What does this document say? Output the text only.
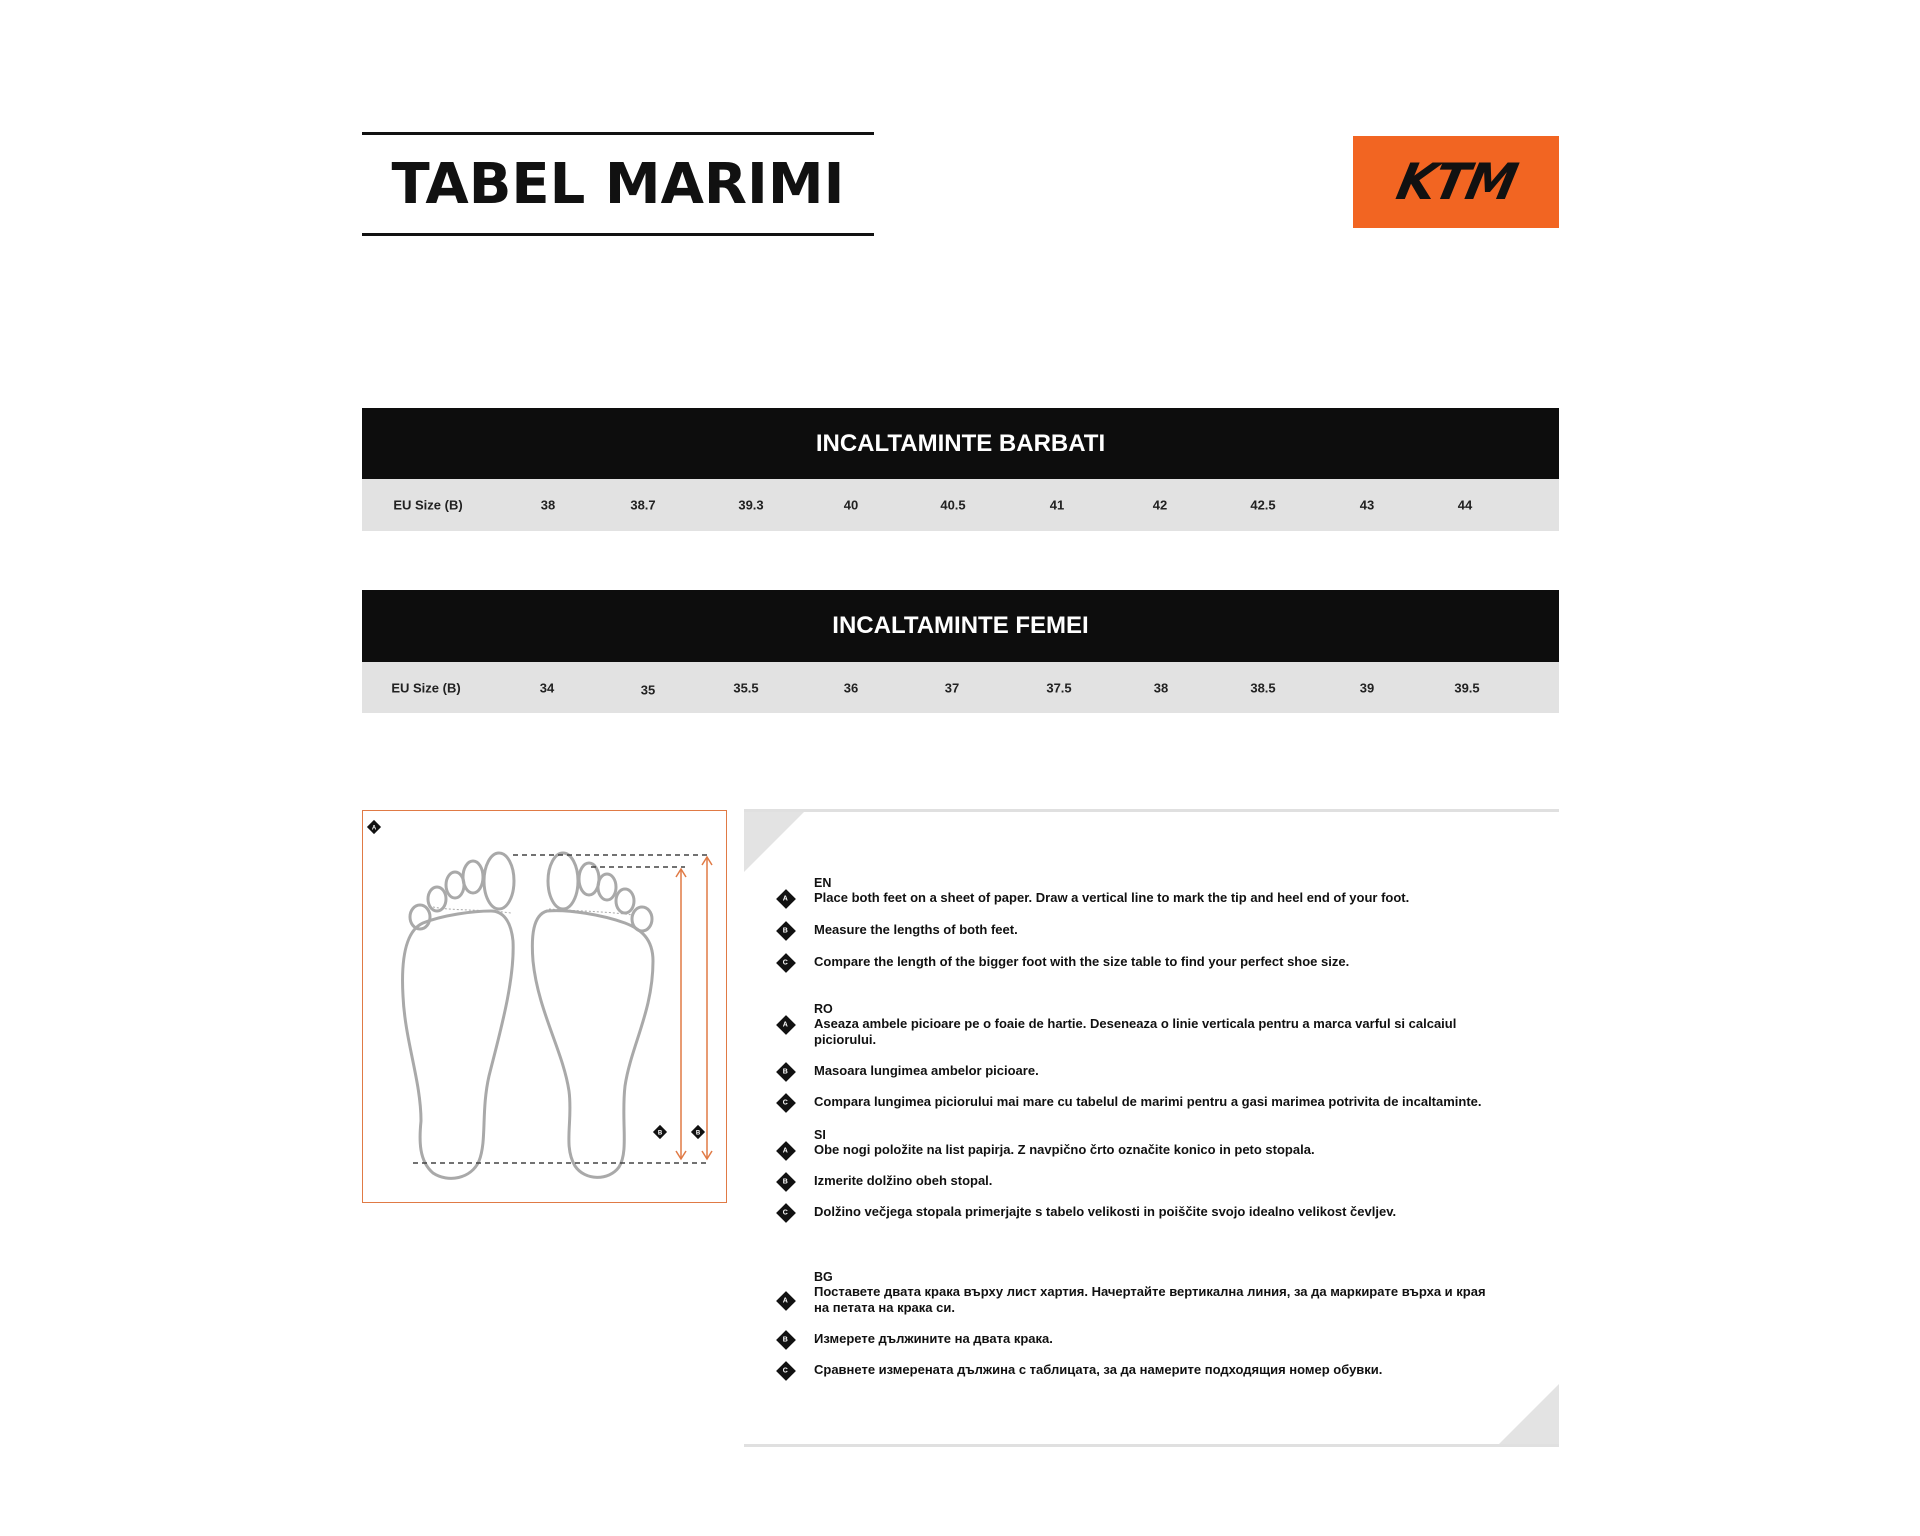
TABEL MARIMI	KTM
INCALTAMINTE BARBATI
EU Size (B)	38	38.7	39.3	40	40.5	41	42	42.5	43	44
INCALTAMINTE FEMEI
EU Size (B)	34	35	35.5	36	37	37.5	38	38.5	39	39.5
A
B	B
EN
A Place both feet on a sheet of paper. Draw a vertical line to mark the tip and heel end of your foot.
B Measure the lengths of both feet.
C Compare the length of the bigger foot with the size table to find your perfect shoe size.
RO
A Aseaza ambele picioare pe o foaie de hartie. Deseneaza o linie verticala pentru a marca varful si calcaiul piciorului.
B Masoara lungimea ambelor picioare.
C Compara lungimea piciorului mai mare cu tabelul de marimi pentru a gasi marimea potrivita de incaltaminte.
SI
A Obe nogi položite na list papirja. Z navpično črto označite konico in peto stopala.
B Izmerite dolžino obeh stopal.
C Dolžino večjega stopala primerjajte s tabelo velikosti in poiščite svojo idealno velikost čevljev.
BG
A
Поставете двата крака върху лист хартия. Начертайте вертикална линия, за да маркирате върха и края на петата на крака си.
B Измерете дължините на двата крака.
C Сравнете измерената дължина с таблицата, за да намерите подходящия номер обувки.
